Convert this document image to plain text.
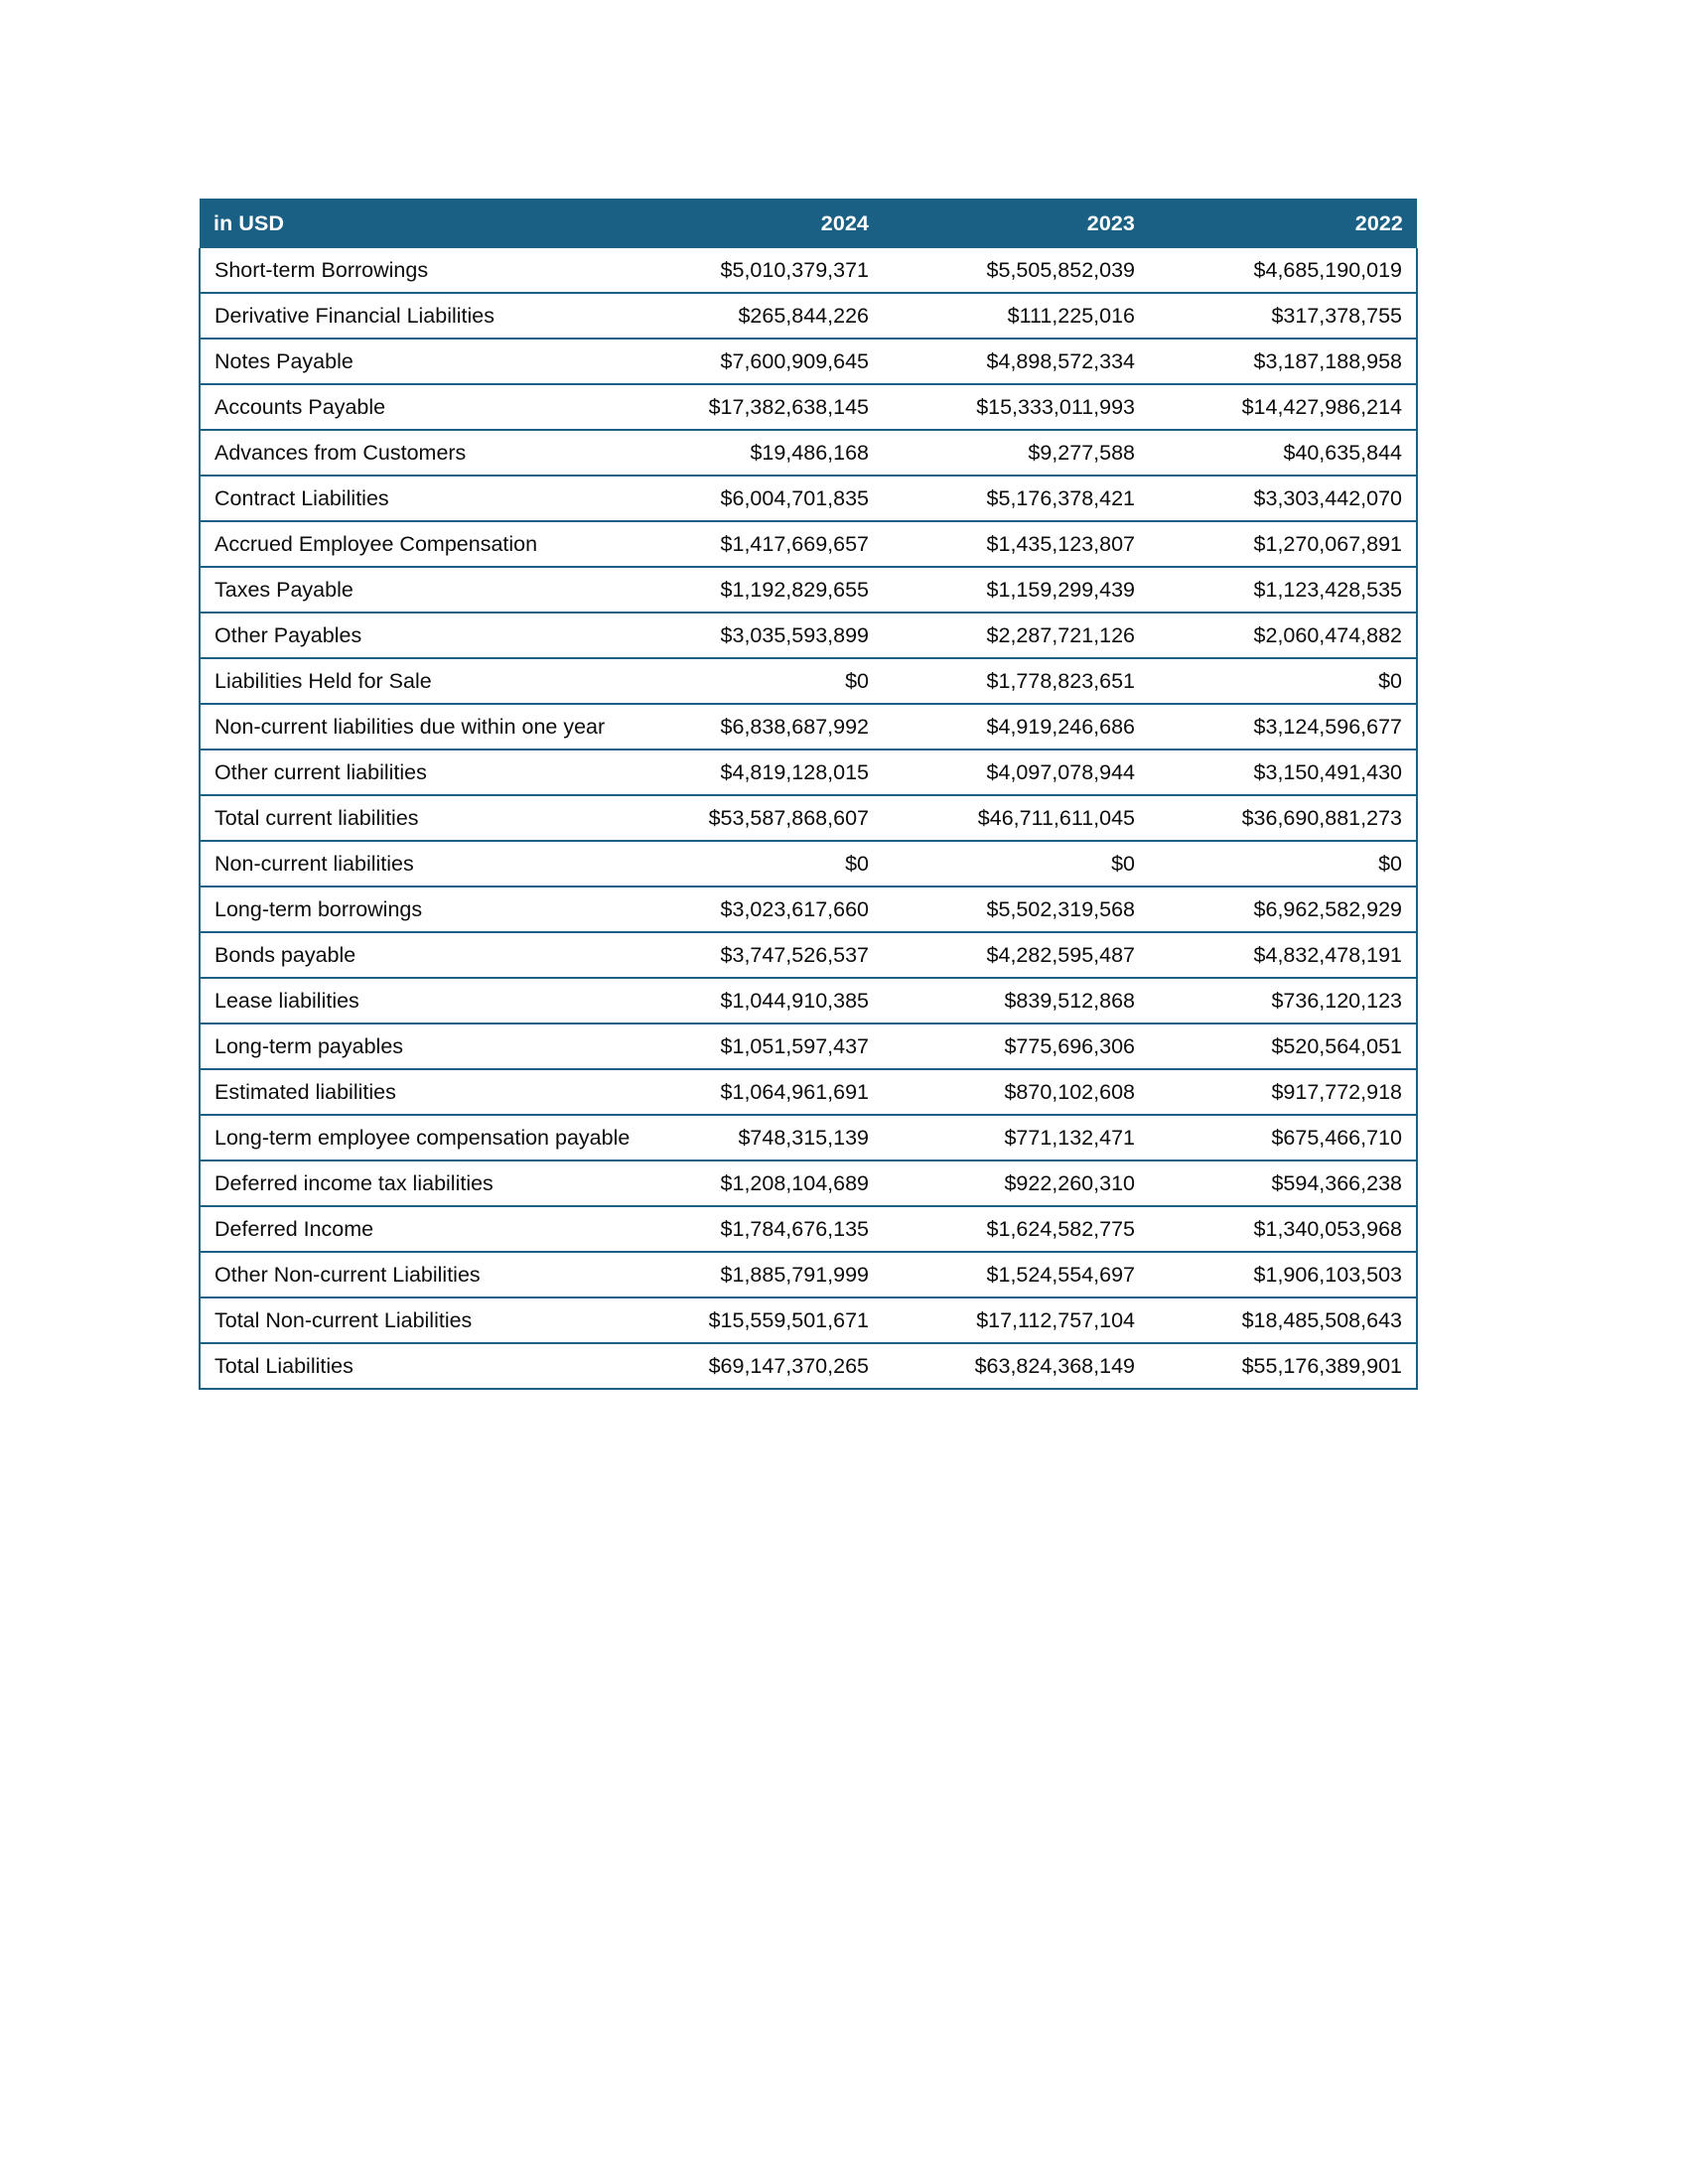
in USD	2024	2023	2022
Short-term Borrowings	$5,010,379,371	$5,505,852,039	$4,685,190,019
Derivative Financial Liabilities	$265,844,226	$111,225,016	$317,378,755
Notes Payable	$7,600,909,645	$4,898,572,334	$3,187,188,958
Accounts Payable	$17,382,638,145	$15,333,011,993	$14,427,986,214
Advances from Customers	$19,486,168	$9,277,588	$40,635,844
Contract Liabilities	$6,004,701,835	$5,176,378,421	$3,303,442,070
Accrued Employee Compensation	$1,417,669,657	$1,435,123,807	$1,270,067,891
Taxes Payable	$1,192,829,655	$1,159,299,439	$1,123,428,535
Other Payables	$3,035,593,899	$2,287,721,126	$2,060,474,882
Liabilities Held for Sale	$0	$1,778,823,651	$0
Non-current liabilities due within one year	$6,838,687,992	$4,919,246,686	$3,124,596,677
Other current liabilities	$4,819,128,015	$4,097,078,944	$3,150,491,430
Total current liabilities	$53,587,868,607	$46,711,611,045	$36,690,881,273
Non-current liabilities	$0	$0	$0
Long-term borrowings	$3,023,617,660	$5,502,319,568	$6,962,582,929
Bonds payable	$3,747,526,537	$4,282,595,487	$4,832,478,191
Lease liabilities	$1,044,910,385	$839,512,868	$736,120,123
Long-term payables	$1,051,597,437	$775,696,306	$520,564,051
Estimated liabilities	$1,064,961,691	$870,102,608	$917,772,918
Long-term employee compensation payable	$748,315,139	$771,132,471	$675,466,710
Deferred income tax liabilities	$1,208,104,689	$922,260,310	$594,366,238
Deferred Income	$1,784,676,135	$1,624,582,775	$1,340,053,968
Other Non-current Liabilities	$1,885,791,999	$1,524,554,697	$1,906,103,503
Total Non-current Liabilities	$15,559,501,671	$17,112,757,104	$18,485,508,643
Total Liabilities	$69,147,370,265	$63,824,368,149	$55,176,389,901
